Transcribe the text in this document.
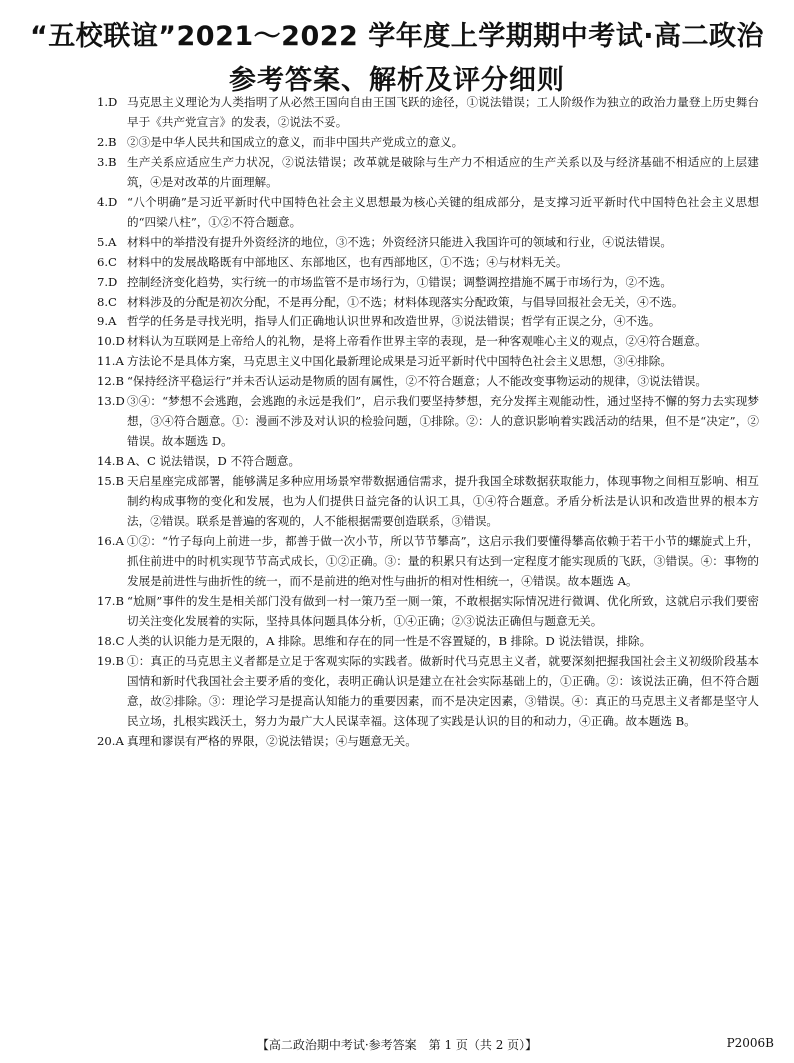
“五校联谊”2021～2022 学年度上学期期中考试·高二政治
参考答案、解析及评分细则
1.D 马克思主义理论为人类指明了从必然王国向自由王国飞跃的途径，①说法错误；工人阶级作为独立的政治力量登上历史舞台早于《共产党宣言》的发表，②说法不妥。
2.B ②③是中华人民共和国成立的意义，而非中国共产党成立的意义。
3.B 生产关系应适应生产力状况，②说法错误；改革就是破除与生产力不相适应的生产关系以及与经济基础不相适应的上层建筑，④是对改革的片面理解。
4.D “八个明确”是习近平新时代中国特色社会主义思想最为核心关键的组成部分，是支撑习近平新时代中国特色社会主义思想的“四梁八柱”，①②不符合题意。
5.A 材料中的举措没有提升外资经济的地位，③不选；外资经济只能进入我国许可的领域和行业，④说法错误。
6.C 材料中的发展战略既有中部地区、东部地区，也有西部地区，①不选；④与材料无关。
7.D 控制经济变化趋势，实行统一的市场监管不是市场行为，①错误；调整调控措施不属于市场行为，②不选。
8.C 材料涉及的分配是初次分配，不是再分配，①不选；材料体现落实分配政策，与倡导回报社会无关，④不选。
9.A 哲学的任务是寻找光明，指导人们正确地认识世界和改造世界，③说法错误；哲学有正误之分，④不选。
10.D 材料认为互联网是上帝给人的礼物，是将上帝看作世界主宰的表现，是一种客观唯心主义的观点，②④符合题意。
11.A 方法论不是具体方案，马克思主义中国化最新理论成果是习近平新时代中国特色社会主义思想，③④排除。
12.B “保持经济平稳运行”并未否认运动是物质的固有属性，②不符合题意；人不能改变事物运动的规律，③说法错误。
13.D ③④：“梦想不会逃跑，会逃跑的永远是我们”，启示我们要坚持梦想，充分发挥主观能动性，通过坚持不懈的努力去实现梦想，③④符合题意。①：漫画不涉及对认识的检验问题，①排除。②：人的意识影响着实践活动的结果，但不是“决定”，②错误。故本题选 D。
14.B A、C 说法错误，D 不符合题意。
15.B 天启星座完成部署，能够满足多种应用场景窄带数据通信需求，提升我国全球数据获取能力，体现事物之间相互影响、相互制约构成事物的变化和发展，也为人们提供日益完备的认识工具，①④符合题意。矛盾分析法是认识和改造世界的根本方法，②错误。联系是普遍的客观的，人不能根据需要创造联系，③错误。
16.A ①②：“竹子每向上前进一步，都善于做一次小节，所以节节攀高”，这启示我们要懂得攀高依赖于若干小节的螺旋式上升，抓住前进中的时机实现节节高式成长，①②正确。③：量的积累只有达到一定程度才能实现质的飞跃，③错误。④：事物的发展是前进性与曲折性的统一，而不是前进的绝对性与曲折的相对性相统一，④错误。故本题选 A。
17.B “尬厕”事件的发生是相关部门没有做到一村一策乃至一厕一策，不敢根据实际情况进行微调、优化所致，这就启示我们要密切关注变化发展着的实际，坚持具体问题具体分析，①④正确；②③说法正确但与题意无关。
18.C 人类的认识能力是无限的，A 排除。思维和存在的同一性是不容置疑的，B 排除。D 说法错误，排除。
19.B ①：真正的马克思主义者都是立足于客观实际的实践者。做新时代马克思主义者，就要深刻把握我国社会主义初级阶段基本国情和新时代我国社会主要矛盾的变化，表明正确认识是建立在社会实际基础上的，①正确。②：该说法正确，但不符合题意，故②排除。③：理论学习是提高认知能力的重要因素，而不是决定因素，③错误。④：真正的马克思主义者都是坚守人民立场，扎根实践沃土，努力为最广大人民谋幸福。这体现了实践是认识的目的和动力，④正确。故本题选 B。
20.A 真理和谬误有严格的界限，②说法错误；④与题意无关。
【高二政治期中考试·参考答案　第 1 页（共 2 页）】	P2006B
